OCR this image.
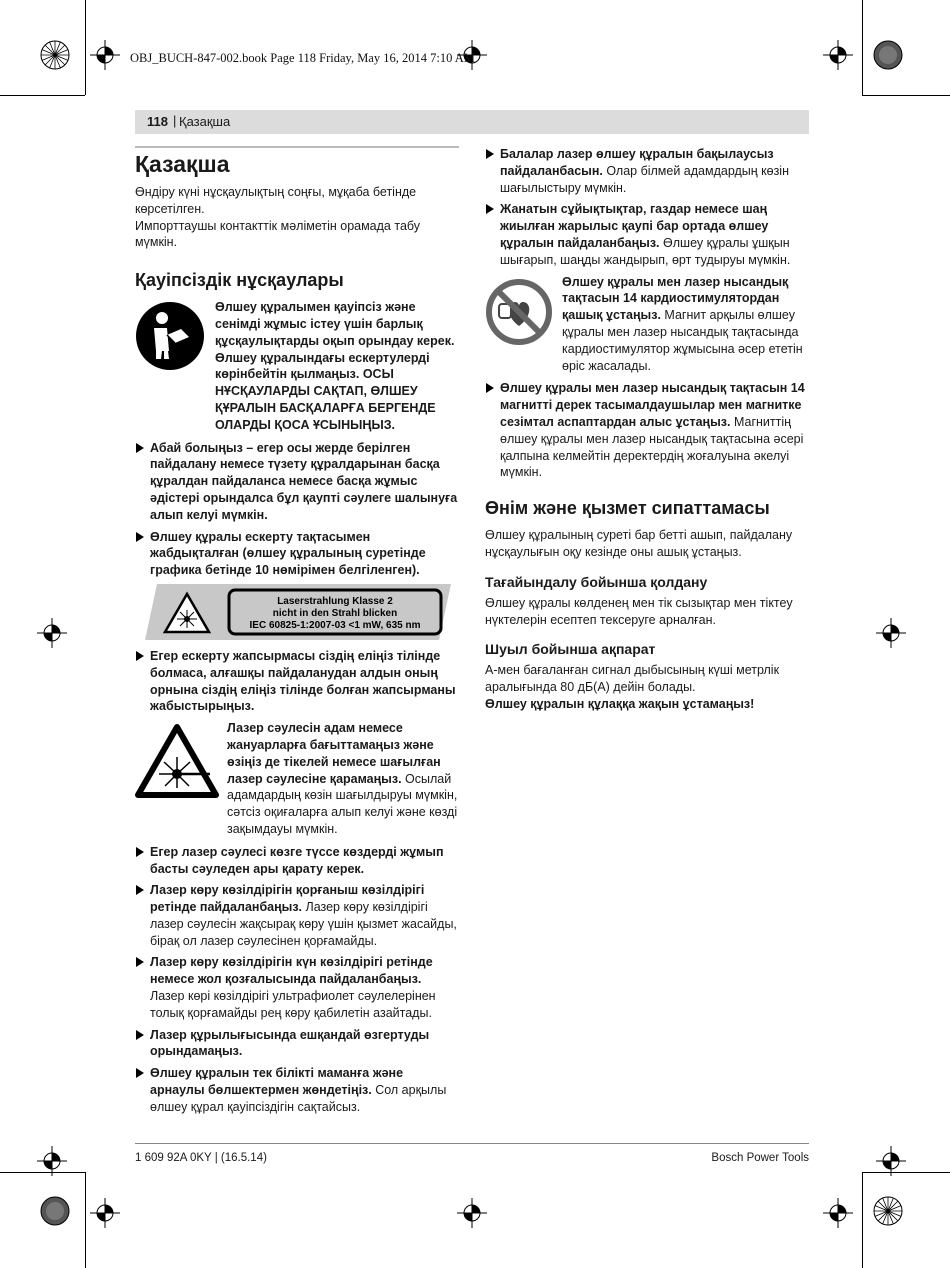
OBJ_BUCH-847-002.book Page 118 Friday, May 16, 2014 7:10 AM
118 | Қазақша
Қазақша

Өндіру күні нұсқаулықтың соңғы, мұқаба бетінде көрсетілген.

Импорттаушы контакттік мәліметін орамада табу мүмкін.

Қауіпсіздік нұсқаулары

Өлшеу құралымен қауіпсіз және сенімді жұмыс істеу үшін барлық құсқаулықтарды оқып орындау керек. Өлшеу құралындағы ескертулерді көрінбейтін қылмаңыз. ОСЫ НҰСҚАУЛАРДЫ САҚТАП, ӨЛШЕУ ҚҰРАЛЫН БАСҚАЛАРҒА БЕРГЕНДЕ ОЛАРДЫ ҚОСА ҰСЫНЫҢЫЗ.

Абай болыңыз – егер осы жерде берілген пайдалану немесе түзету құралдарынан басқа құралдан пайдаланса немесе басқа жұмыс әдістері орындалса бұл қаупті сәулеге шалынуға алып келуі мүмкін.
Өлшеу құралы ескерту тақтасымен жабдықталған (өлшеу құралының суретінде графика бетінде 10 нөмірімен белгіленген).
Laserstrahlung Klasse 2
nicht in den Strahl blicken
IEC 60825-1:2007-03 <1 mW, 635 nm
Егер ескерту жапсырмасы сіздің еліңіз тілінде болмаса, алғашқы пайдаланудан алдын оның орнына сіздің еліңіз тілінде болған жапсырманы жабыстырыңыз.

Лазер сәулесін адам немесе жануарларға бағыттамаңыз және өзіңіз де тікелей немесе шағылған лазер сәулесіне қарамаңыз. Осылай адамдардың көзін шағылдыруы мүмкін, сәтсіз оқиғаларға алып келуі және көзді зақымдауы мүмкін.

Егер лазер сәулесі көзге түссе көздерді жұмып басты сәуледен ары қарату керек.
Лазер көру көзілдірігін қорғаныш көзілдірігі ретінде пайдаланбаңыз. Лазер көру көзілдірігі лазер сәулесін жақсырақ көру үшін қызмет жасайды, бірақ ол лазер сәулесінен қорғамайды.
Лазер көру көзілдірігін күн көзілдірігі ретінде немесе жол қозғалысында пайдаланбаңыз. Лазер көрі көзілдірігі ультрафиолет сәулелерінен толық қорғамайды рең көру қабилетін азайтады.
Лазер құрылығысында ешқандай өзгертуды орындамаңыз.
Өлшеу құралын тек білікті маманға және арнаулы бөлшектермен жөндетіңіз. Сол арқылы өлшеу құрал қауіпсіздігін сақтайсыз.
Балалар лазер өлшеу құралын бақылаусыз пайдаланбасын. Олар білмей адамдардың көзін шағылыстыру мүмкін.
Жанатын сұйықтықтар, газдар немесе шаң жиылған жарылыс қаупі бар ортада өлшеу құралын пайдаланбаңыз. Өлшеу құралы ұшқын шығарып, шаңды жандырып, өрт тудыруы мүмкін.

Өлшеу құралы мен лазер нысандық тақтасын 14 кардиостимулятордан қашық ұстаңыз. Магнит арқылы өлшеу құралы мен лазер нысандық тақтасында кардиостимулятор жұмысына әсер ететін өріс жасалады.

Өлшеу құралы мен лазер нысандық тақтасын 14 магнитті дерек тасымалдаушылар мен магнитке сезімтал аспаптардан алыс ұстаңыз. Магниттің өлшеу құралы мен лазер нысандық тақтасына әсері қалпына келмейтін деректердің жоғалуына әкелуі мүмкін.
Өнім және қызмет сипаттамасы

Өлшеу құралының суреті бар бетті ашып, пайдалану нұсқаулығын оқу кезінде оны ашық ұстаңыз.

Тағайындалу бойынша қолдану

Өлшеу құралы көлденең мен тік сызықтар мен тіктеу нүктелерін есептеп тексеруге арналған.

Шуыл бойынша ақпарат

А-мен бағаланған сигнал дыбысының күші метрлік аралығында 80 дБ(А) дейін болады.

Өлшеу құралын құлаққа жақын ұстамаңыз!

1 609 92A 0KY | (16.5.14)	Bosch Power Tools
